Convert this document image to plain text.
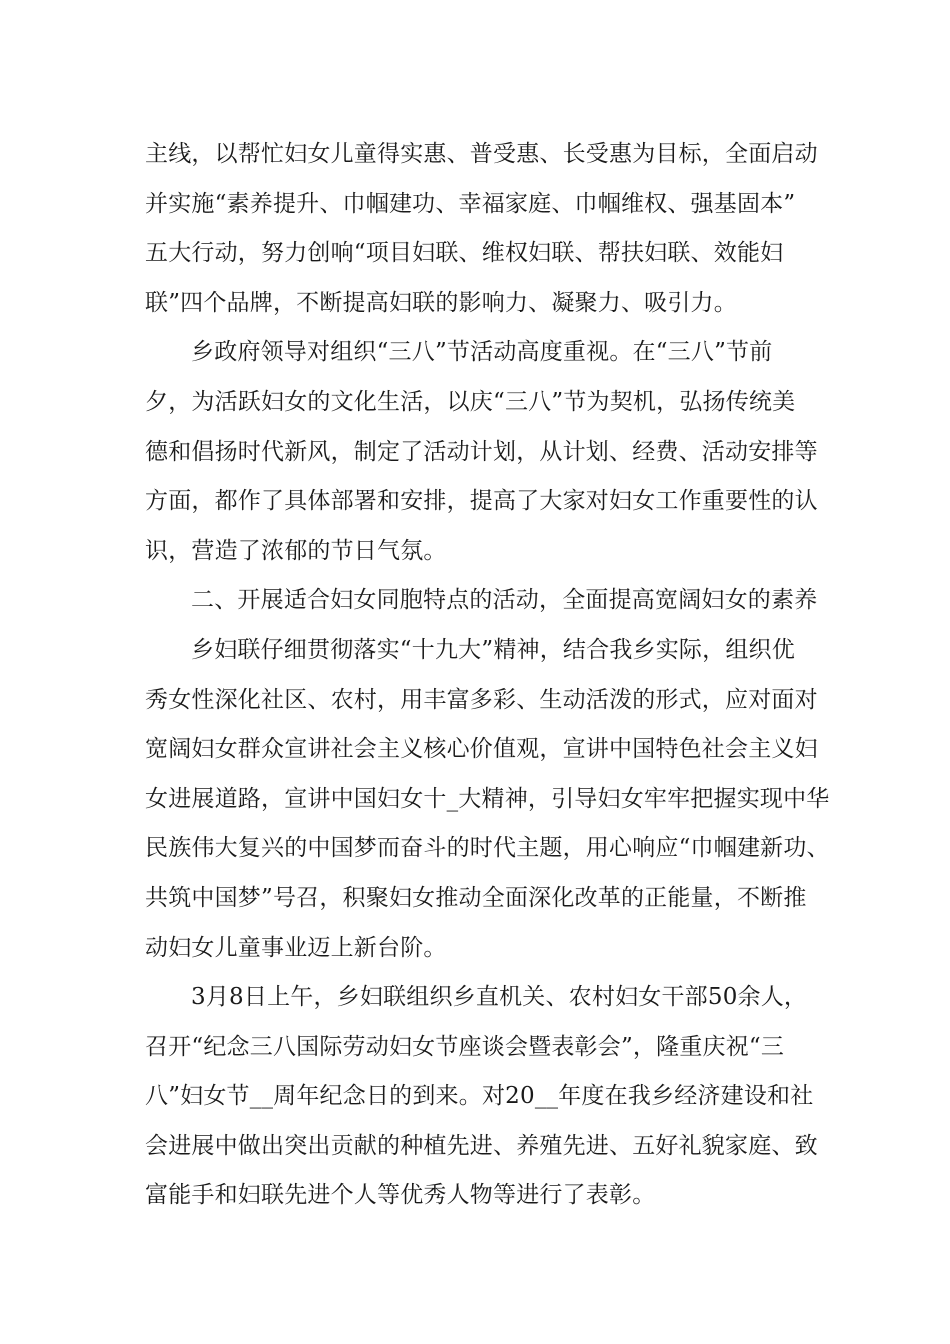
主线，以帮忙妇女儿童得实惠、普受惠、长受惠为目标，全面启动
并实施“素养提升、巾帼建功、幸福家庭、巾帼维权、强基固本”
五大行动，努力创响“项目妇联、维权妇联、帮扶妇联、效能妇
联”四个品牌，不断提高妇联的影响力、凝聚力、吸引力。
乡政府领导对组织“三八”节活动高度重视。在“三八”节前
夕，为活跃妇女的文化生活，以庆“三八”节为契机，弘扬传统美
德和倡扬时代新风，制定了活动计划，从计划、经费、活动安排等
方面，都作了具体部署和安排，提高了大家对妇女工作重要性的认
识，营造了浓郁的节日气氛。
二、开展适合妇女同胞特点的活动，全面提高宽阔妇女的素养
乡妇联仔细贯彻落实“十九大”精神，结合我乡实际，组织优
秀女性深化社区、农村，用丰富多彩、生动活泼的形式，应对面对
宽阔妇女群众宣讲社会主义核心价值观，宣讲中国特色社会主义妇
女进展道路，宣讲中国妇女十_大精神，引导妇女牢牢把握实现中华
民族伟大复兴的中国梦而奋斗的时代主题，用心响应“巾帼建新功、
共筑中国梦”号召，积聚妇女推动全面深化改革的正能量，不断推
动妇女儿童事业迈上新台阶。
3月8日上午，乡妇联组织乡直机关、农村妇女干部50余人，
召开“纪念三八国际劳动妇女节座谈会暨表彰会”，隆重庆祝“三
八”妇女节__周年纪念日的到来。对20__年度在我乡经济建设和社
会进展中做出突出贡献的种植先进、养殖先进、五好礼貌家庭、致
富能手和妇联先进个人等优秀人物等进行了表彰。
